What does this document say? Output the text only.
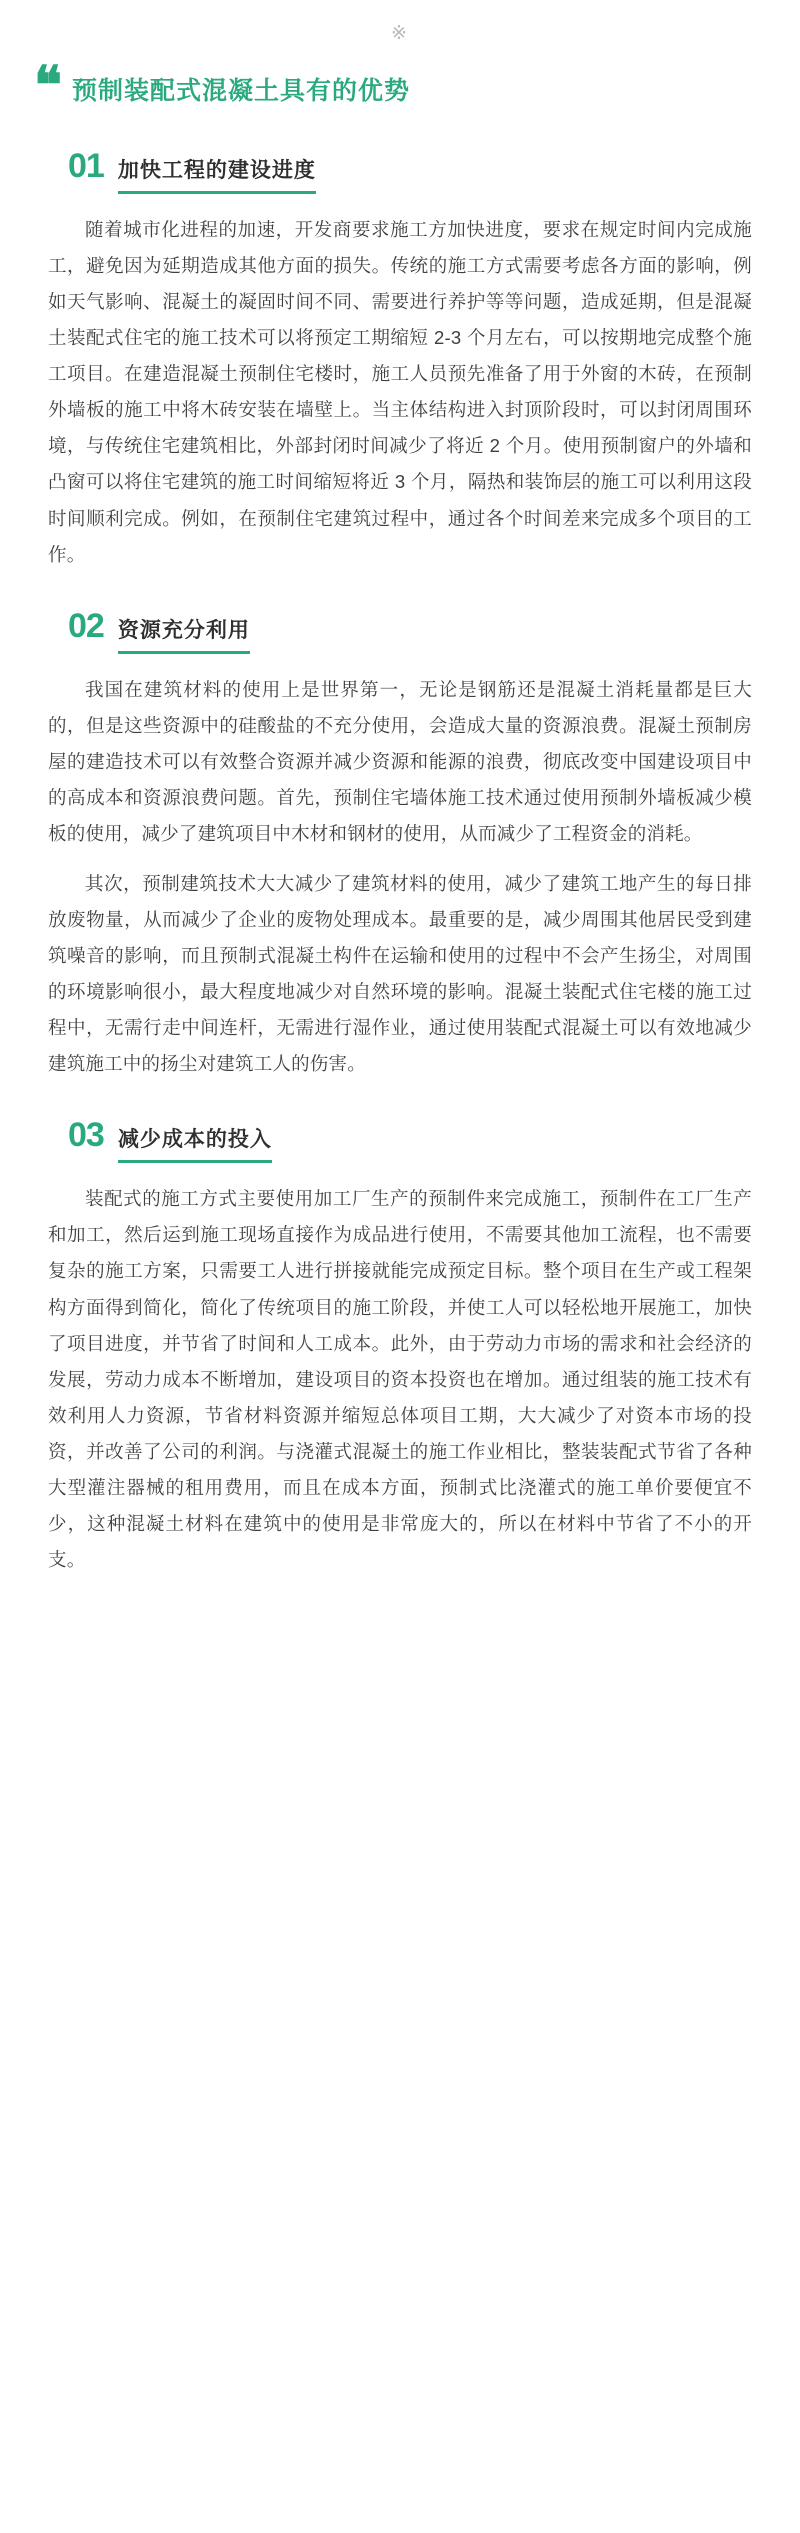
※
❝ 预制装配式混凝土具有的优势
01 加快工程的建设进度

随着城市化进程的加速，开发商要求施工方加快进度，要求在规定时间内完成施工，避免因为延期造成其他方面的损失。传统的施工方式需要考虑各方面的影响，例如天气影响、混凝土的凝固时间不同、需要进行养护等等问题，造成延期，但是混凝土装配式住宅的施工技术可以将预定工期缩短 2-3 个月左右，可以按期地完成整个施工项目。在建造混凝土预制住宅楼时，施工人员预先准备了用于外窗的木砖，在预制外墙板的施工中将木砖安装在墙壁上。当主体结构进入封顶阶段时，可以封闭周围环境，与传统住宅建筑相比，外部封闭时间减少了将近 2 个月。使用预制窗户的外墙和凸窗可以将住宅建筑的施工时间缩短将近 3 个月，隔热和装饰层的施工可以利用这段时间顺利完成。例如，在预制住宅建筑过程中，通过各个时间差来完成多个项目的工作。

02 资源充分利用

我国在建筑材料的使用上是世界第一，无论是钢筋还是混凝土消耗量都是巨大的，但是这些资源中的硅酸盐的不充分使用，会造成大量的资源浪费。混凝土预制房屋的建造技术可以有效整合资源并减少资源和能源的浪费，彻底改变中国建设项目中的高成本和资源浪费问题。首先，预制住宅墙体施工技术通过使用预制外墙板减少模板的使用，减少了建筑项目中木材和钢材的使用，从而减少了工程资金的消耗。

其次，预制建筑技术大大减少了建筑材料的使用，减少了建筑工地产生的每日排放废物量，从而减少了企业的废物处理成本。最重要的是，减少周围其他居民受到建筑噪音的影响，而且预制式混凝土构件在运输和使用的过程中不会产生扬尘，对周围的环境影响很小，最大程度地减少对自然环境的影响。混凝土装配式住宅楼的施工过程中，无需行走中间连杆，无需进行湿作业，通过使用装配式混凝土可以有效地减少建筑施工中的扬尘对建筑工人的伤害。

03 减少成本的投入

装配式的施工方式主要使用加工厂生产的预制件来完成施工，预制件在工厂生产和加工，然后运到施工现场直接作为成品进行使用，不需要其他加工流程，也不需要复杂的施工方案，只需要工人进行拼接就能完成预定目标。整个项目在生产或工程架构方面得到简化，简化了传统项目的施工阶段，并使工人可以轻松地开展施工，加快了项目进度，并节省了时间和人工成本。此外，由于劳动力市场的需求和社会经济的发展，劳动力成本不断增加，建设项目的资本投资也在增加。通过组装的施工技术有效利用人力资源，节省材料资源并缩短总体项目工期，大大减少了对资本市场的投资，并改善了公司的利润。与浇灌式混凝土的施工作业相比，整装装配式节省了各种大型灌注器械的租用费用，而且在成本方面，预制式比浇灌式的施工单价要便宜不少，这种混凝土材料在建筑中的使用是非常庞大的，所以在材料中节省了不小的开支。
